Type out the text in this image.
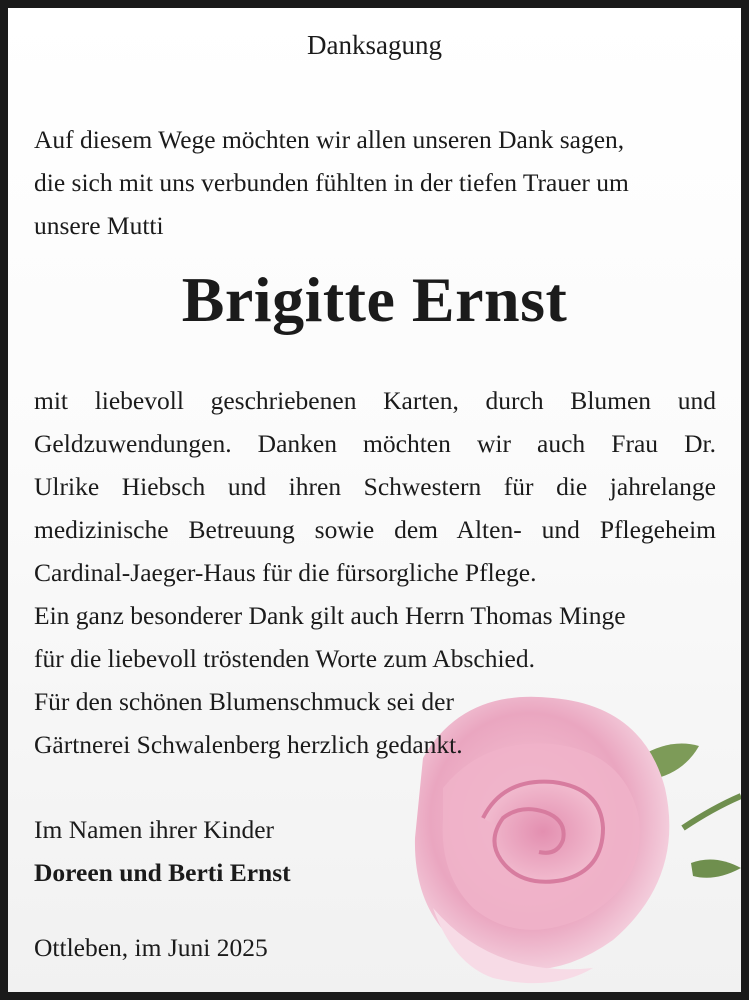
Danksagung
Auf diesem Wege möchten wir allen unseren Dank sagen,
die sich mit uns verbunden fühlten in der tiefen Trauer um
unsere Mutti
Brigitte Ernst
mit liebevoll geschriebenen Karten, durch Blumen und
Geldzuwendungen. Danken möchten wir auch Frau Dr.
Ulrike Hiebsch und ihren Schwestern für die jahrelange
medizinische Betreuung sowie dem Alten- und Pflegeheim
Cardinal-Jaeger-Haus für die fürsorgliche Pflege.
Ein ganz besonderer Dank gilt auch Herrn Thomas Minge
für die liebevoll tröstenden Worte zum Abschied.
Für den schönen Blumenschmuck sei der
Gärtnerei Schwalenberg herzlich gedankt.
Im Namen ihrer Kinder
Doreen und Berti Ernst
Ottleben, im Juni 2025
